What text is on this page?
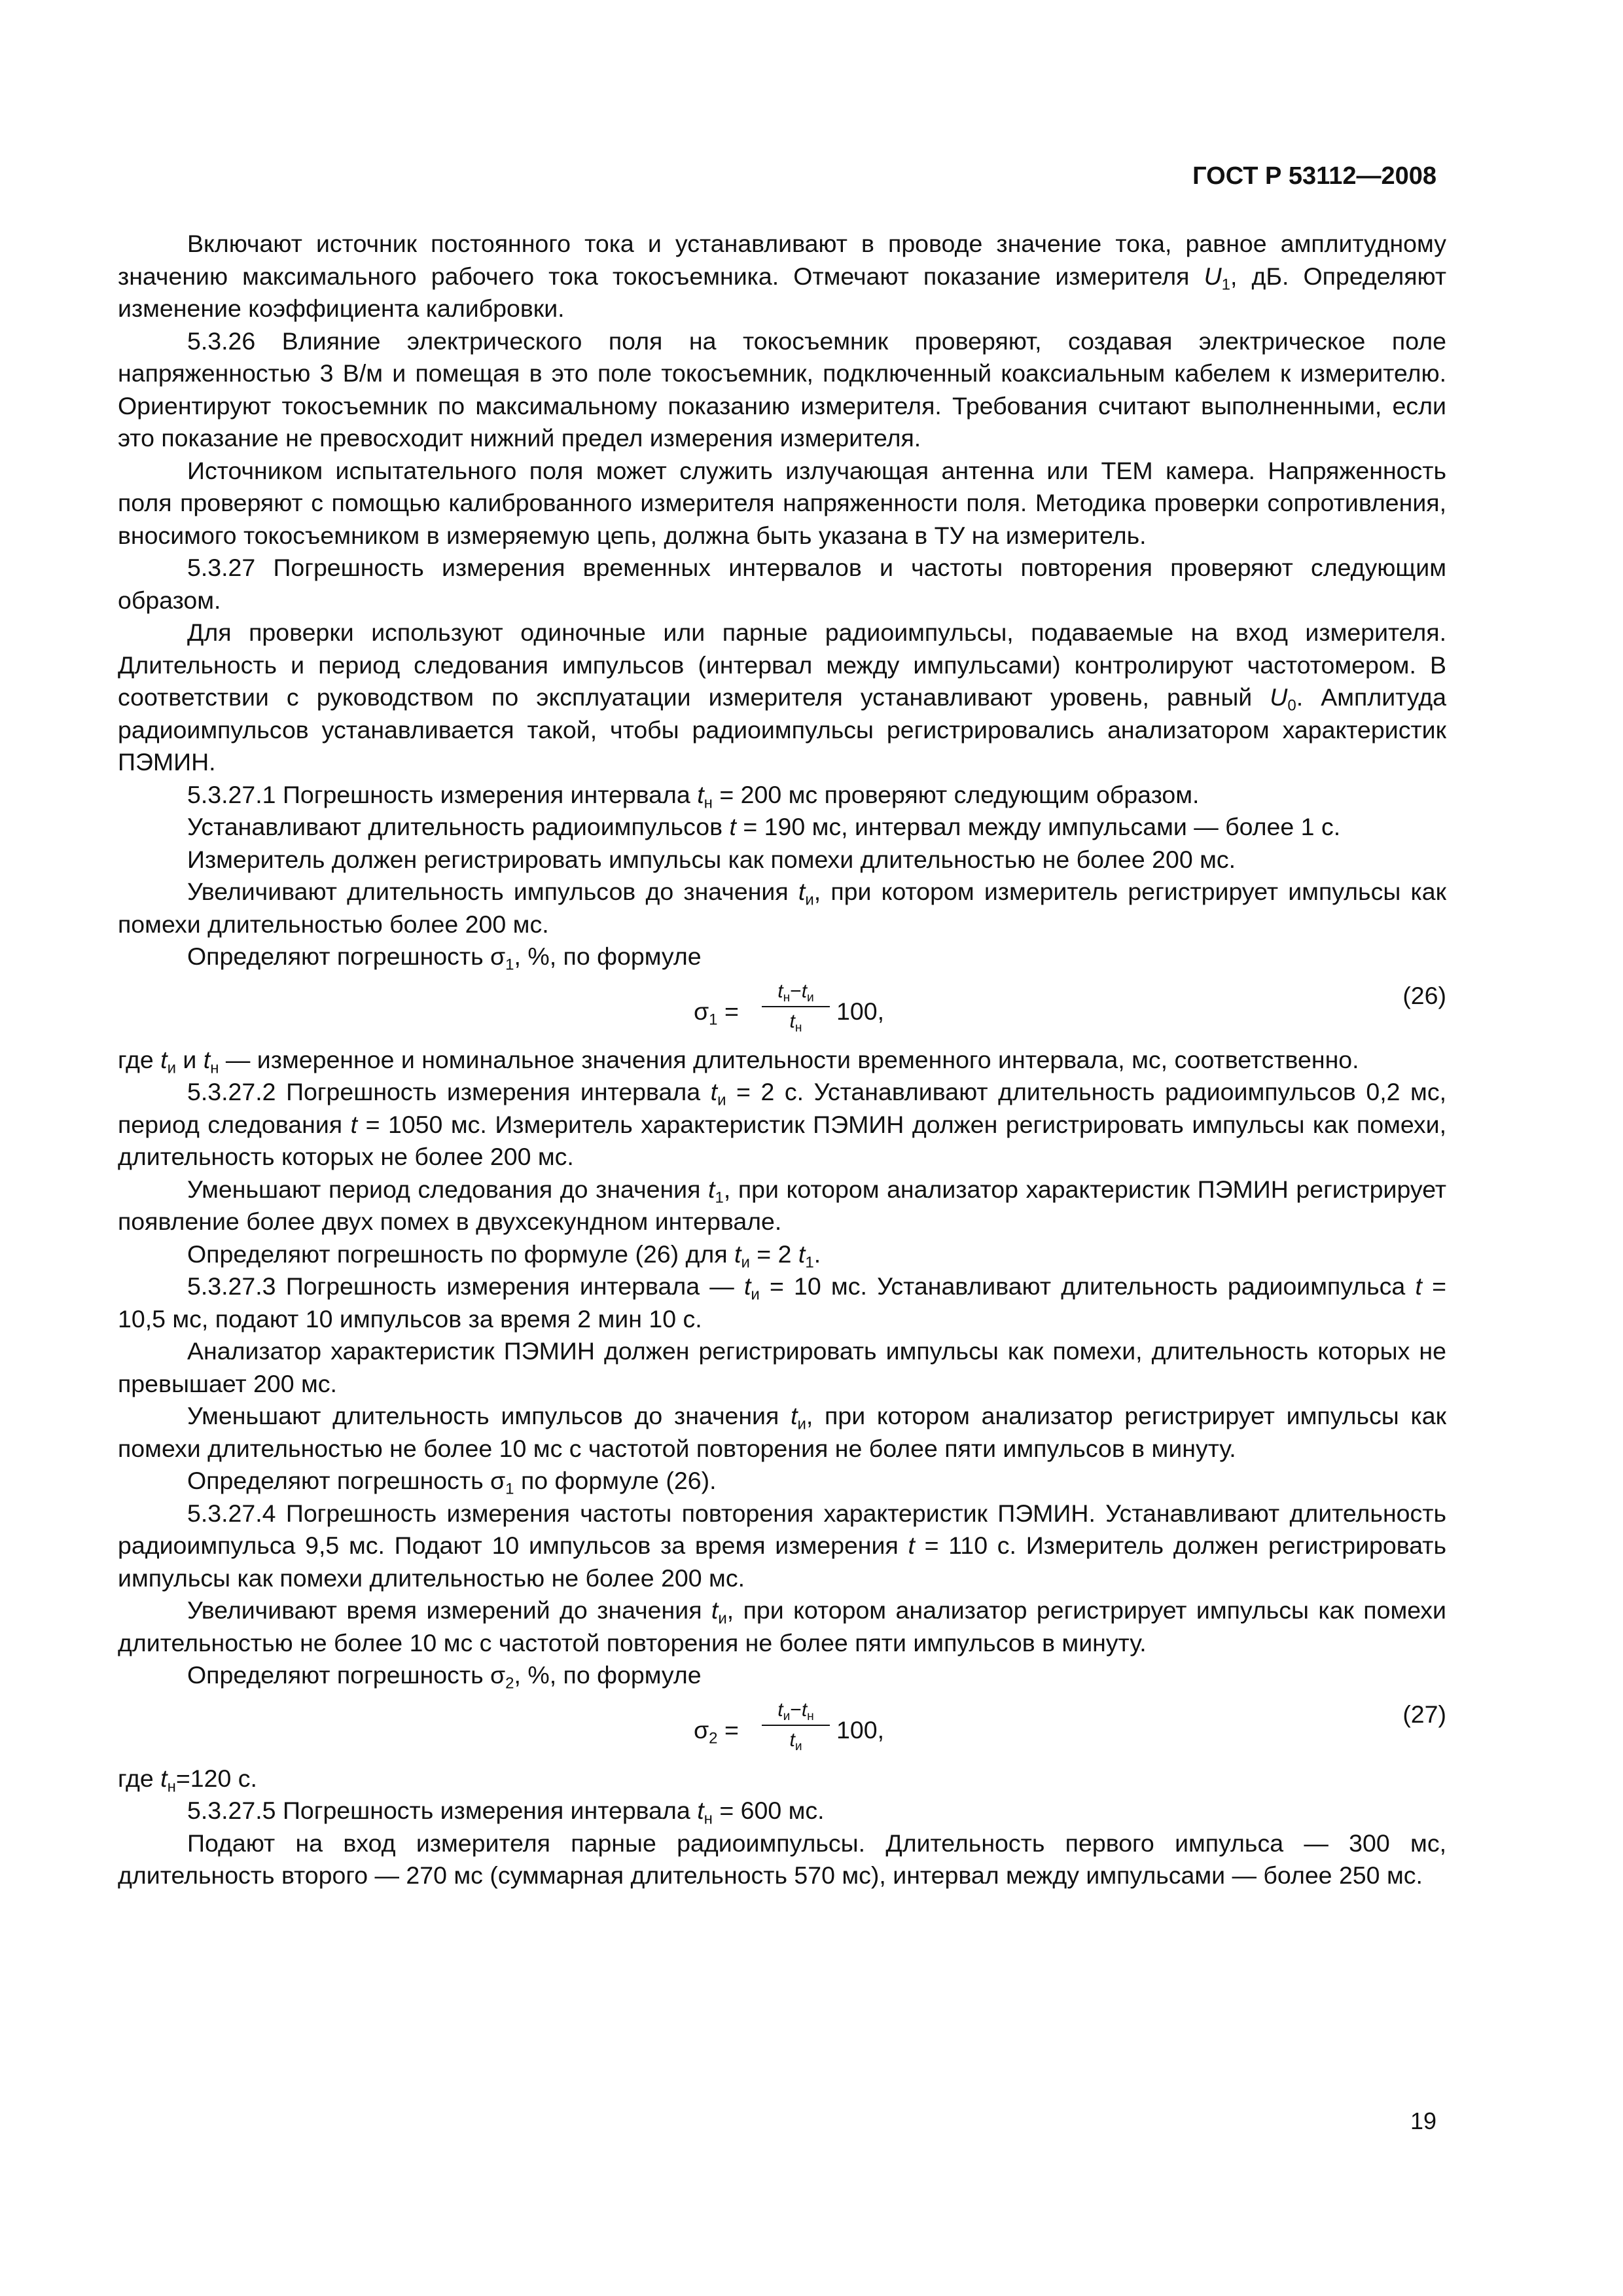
ГОСТ Р 53112—2008

Включают источник постоянного тока и устанавливают в проводе значение тока, равное амплитудному значению максимального рабочего тока токосъемника. Отмечают показание измерителя $U_1$, дБ. Определяют изменение коэффициента калибровки.

5.3.26 Влияние электрического поля на токосъемник проверяют, создавая электрическое поле напряженностью 3 В/м и помещая в это поле токосъемник, подключенный коаксиальным кабелем к измерителю. Ориентируют токосъемник по максимальному показанию измерителя. Требования считают выполненными, если это показание не превосходит нижний предел измерения измерителя.

Источником испытательного поля может служить излучающая антенна или ТЕМ камера. Напряженность поля проверяют с помощью калиброванного измерителя напряженности поля. Методика проверки сопротивления, вносимого токосъемником в измеряемую цепь, должна быть указана в ТУ на измеритель.

5.3.27 Погрешность измерения временных интервалов и частоты повторения проверяют следующим образом.

Для проверки используют одиночные или парные радиоимпульсы, подаваемые на вход измерителя. Длительность и период следования импульсов (интервал между импульсами) контролируют частотомером. В соответствии с руководством по эксплуатации измерителя устанавливают уровень, равный $U_0$. Амплитуда радиоимпульсов устанавливается такой, чтобы радиоимпульсы регистрировались анализатором характеристик ПЭМИН.

5.3.27.1 Погрешность измерения интервала $t_н = 200$ мс проверяют следующим образом.

Устанавливают длительность радиоимпульсов t = 190 мс, интервал между импульсами — более 1 с.

Измеритель должен регистрировать импульсы как помехи длительностью не более 200 мс.

Увеличивают длительность импульсов до значения $t_и$, при котором измеритель регистрирует импульсы как помехи длительностью более 200 мс.

Определяют погрешность $\sigma_1$, %, по формуле

$\sigma_1$ =
$t_н-t_и$
$t_н$
100,
(26)

где $t_и$ и $t_н$ — измеренное и номинальное значения длительности временного интервала, мс, соответственно.

5.3.27.2 Погрешность измерения интервала $t_и = 2$ с. Устанавливают длительность радиоимпульсов 0,2 мс, период следования t = 1050 мс. Измеритель характеристик ПЭМИН должен регистрировать импульсы как помехи, длительность которых не более 200 мс.

Уменьшают период следования до значения $t_1$, при котором анализатор характеристик ПЭМИН регистрирует появление более двух помех в двухсекундном интервале.

Определяют погрешность по формуле (26) для $t_и = 2$ $t_1$.

5.3.27.3 Погрешность измерения интервала — $t_и = 10$ мс. Устанавливают длительность радиоимпульса t = 10,5 мс, подают 10 импульсов за время 2 мин 10 с.

Анализатор характеристик ПЭМИН должен регистрировать импульсы как помехи, длительность которых не превышает 200 мс.

Уменьшают длительность импульсов до значения $t_и$, при котором анализатор регистрирует импульсы как помехи длительностью не более 10 мс с частотой повторения не более пяти импульсов в минуту.

Определяют погрешность $\sigma_1$ по формуле (26).

5.3.27.4 Погрешность измерения частоты повторения характеристик ПЭМИН. Устанавливают длительность радиоимпульса 9,5 мс. Подают 10 импульсов за время измерения t = 110 с. Измеритель должен регистрировать импульсы как помехи длительностью не более 200 мс.

Увеличивают время измерений до значения $t_и$, при котором анализатор регистрирует импульсы как помехи длительностью не более 10 мс с частотой повторения не более пяти импульсов в минуту.

Определяют погрешность $\sigma_2$, %, по формуле

$\sigma_2$ =
$t_и-t_н$
$t_и$
100,
(27)

где $t_н=120$ с.

5.3.27.5 Погрешность измерения интервала $t_н = 600$ мс.

Подают на вход измерителя парные радиоимпульсы. Длительность первого импульса — 300 мс, длительность второго — 270 мс (суммарная длительность 570 мс), интервал между импульсами — более 250 мс.

19
